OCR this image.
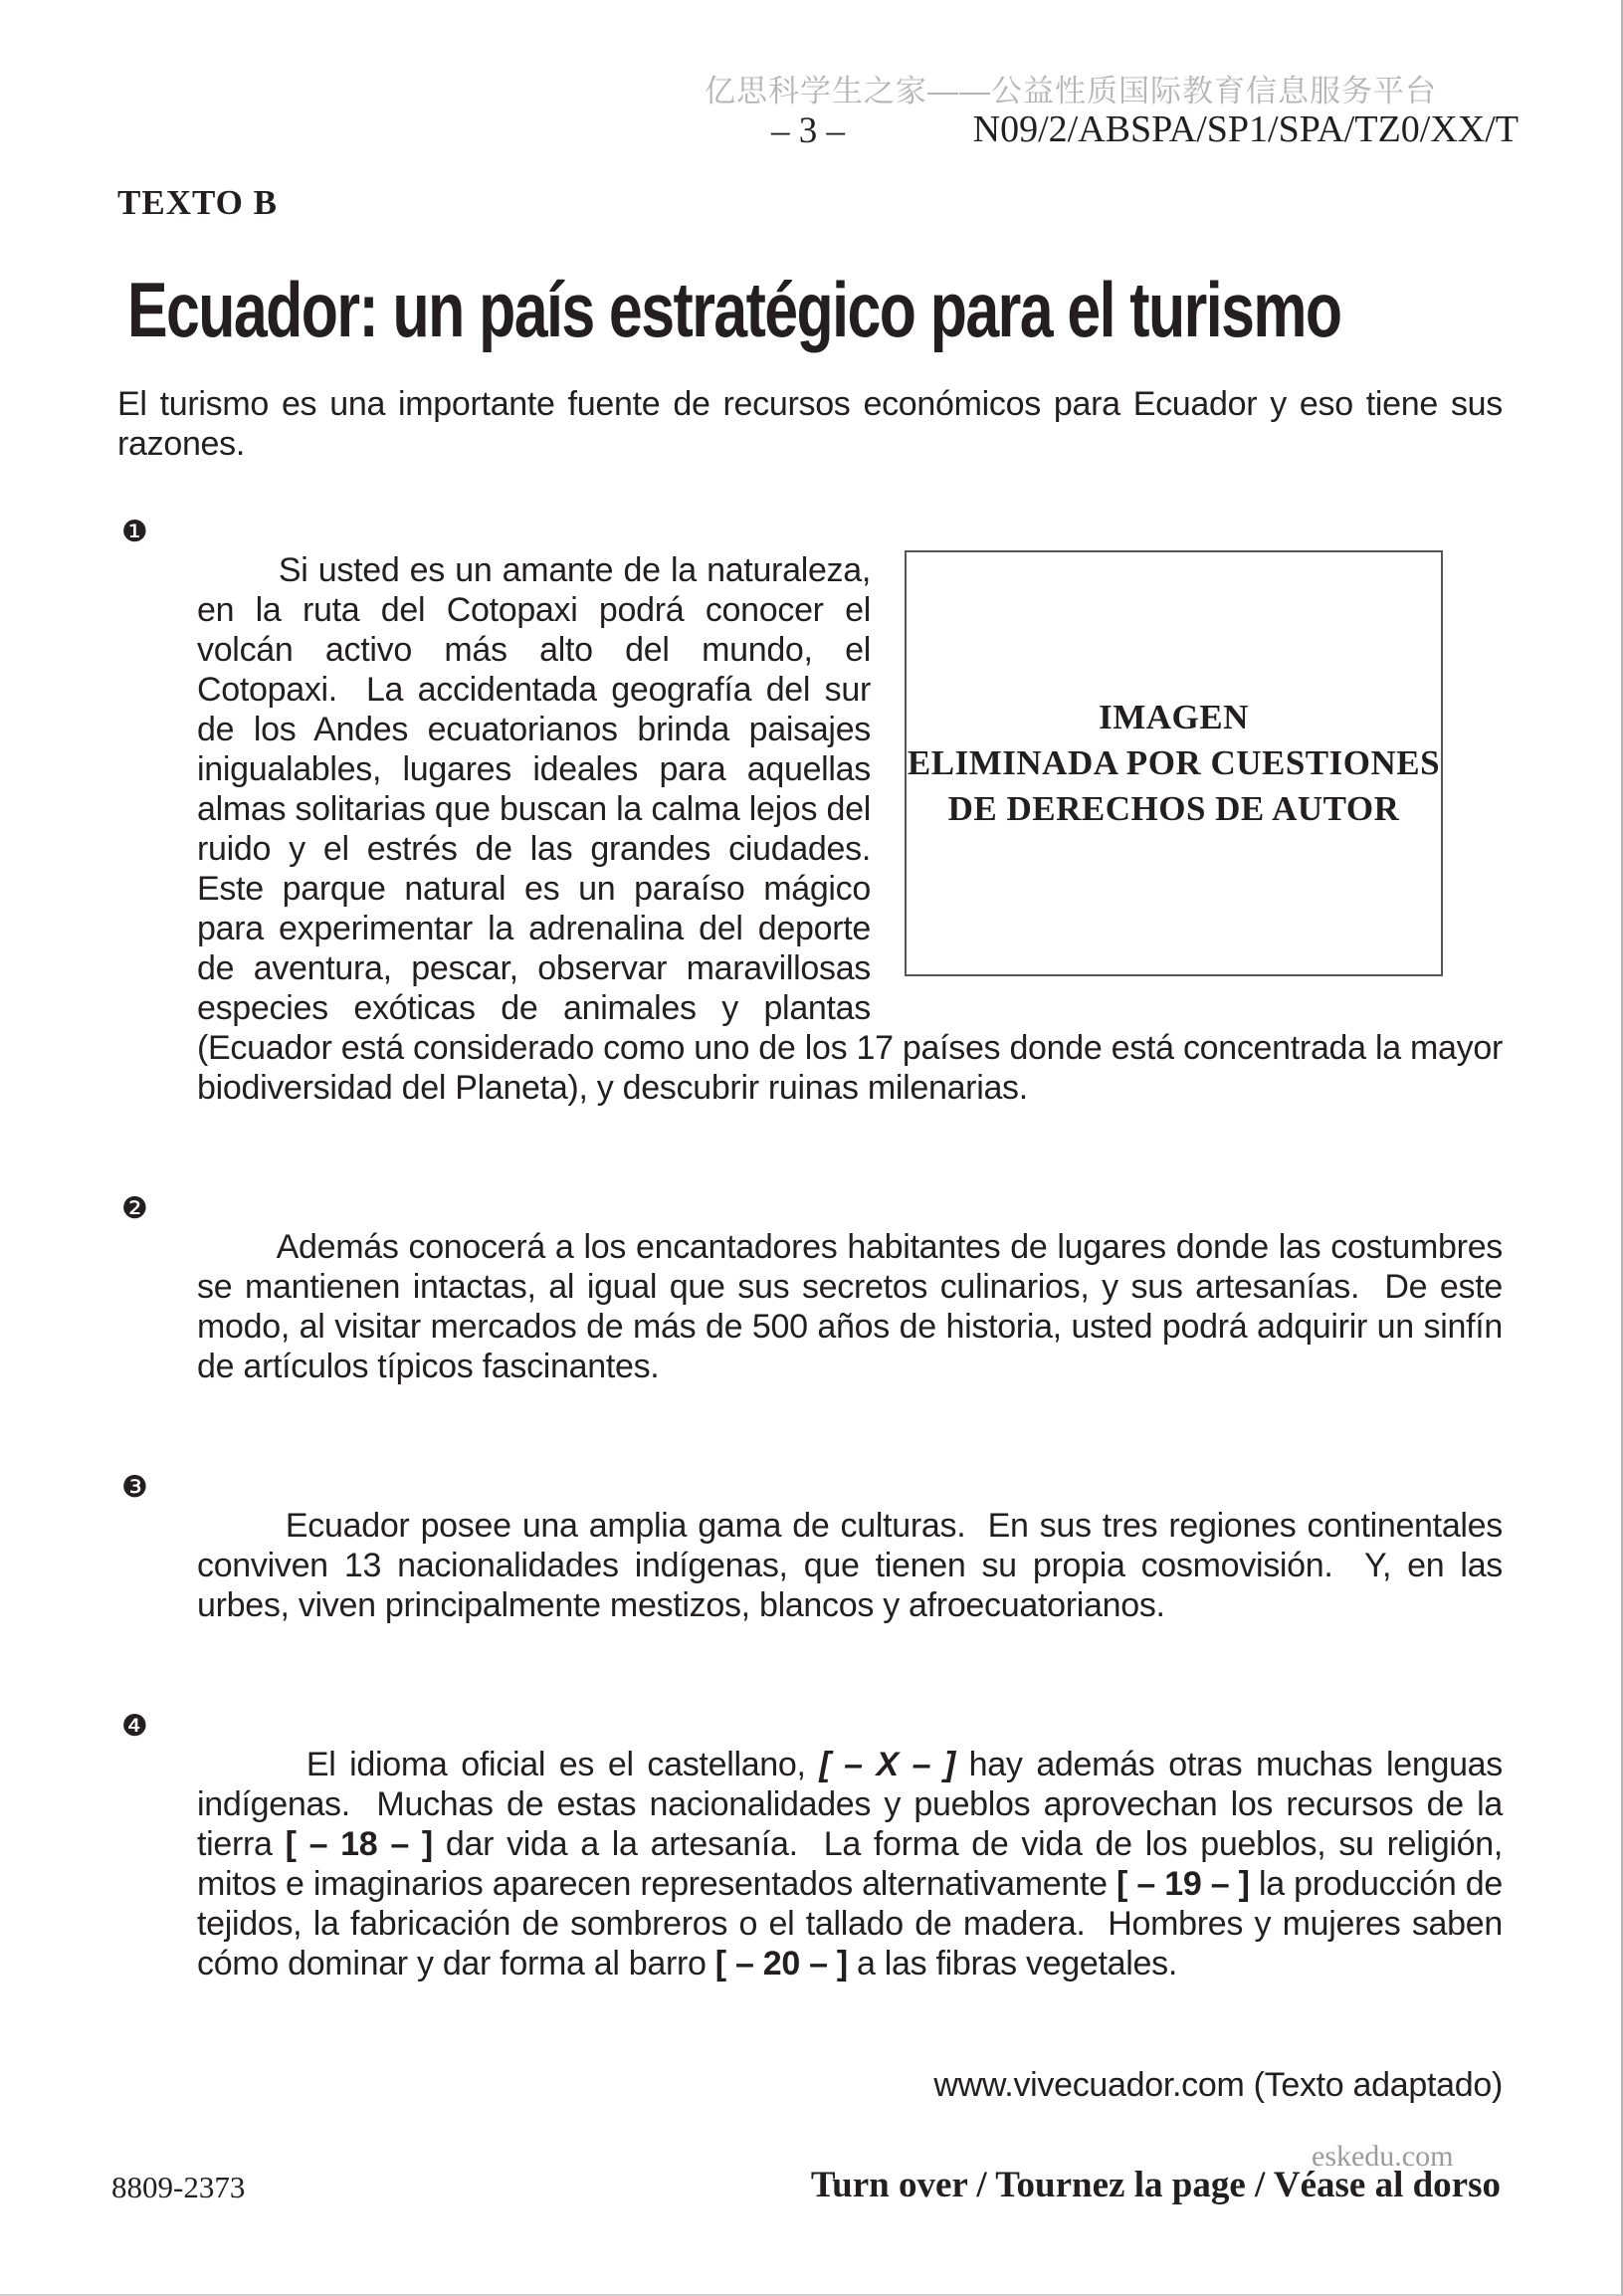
亿思科学生之家——公益性质国际教育信息服务平台
– 3 –	N09/2/ABSPA/SP1/SPA/TZ0/XX/T
TEXTO B
Ecuador: un país estratégico para el turismo
El turismo es una importante fuente de recursos económicos para Ecuador y eso tiene sus razones.
❶

IMAGEN
ELIMINADA POR CUESTIONES
DE DERECHOS DE AUTOR
Si usted es un amante de la naturaleza, en la ruta del Cotopaxi podrá conocer el volcán activo más alto del mundo, el Cotopaxi.  La accidentada geografía del sur de los Andes ecuatorianos brinda paisajes inigualables, lugares ideales para aquellas almas solitarias que buscan la calma lejos del ruido y el estrés de las grandes ciudades.  Este parque natural es un paraíso mágico para experimentar la adrenalina del deporte de aventura, pescar, observar maravillosas especies exóticas de animales y plantas (Ecuador está considerado como uno de los 17 países donde está concentrada la mayor biodiversidad del Planeta), y descubrir ruinas milenarias.

❷

Además conocerá a los encantadores habitantes de lugares donde las costumbres se mantienen intactas, al igual que sus secretos culinarios, y sus artesanías.  De este modo, al visitar mercados de más de 500 años de historia, usted podrá adquirir un sinfín de artículos típicos fascinantes.

❸

Ecuador posee una amplia gama de culturas.  En sus tres regiones continentales conviven 13 nacionalidades indígenas, que tienen su propia cosmovisión.  Y, en las urbes, viven principalmente mestizos, blancos y afroecuatorianos.

❹

El idioma oficial es el castellano, [ – X – ] hay además otras muchas lenguas indígenas.  Muchas de estas nacionalidades y pueblos aprovechan los recursos de la tierra [ – 18 – ] dar vida a la artesanía.  La forma de vida de los pueblos, su religión, mitos e imaginarios aparecen representados alternativamente [ – 19 – ] la producción de tejidos, la fabricación de sombreros o el tallado de madera.  Hombres y mujeres saben cómo dominar y dar forma al barro [ – 20 – ] a las fibras vegetales.

www.vivecuador.com (Texto adaptado)
8809-2373
eskedu.com
Turn over / Tournez la page / Véase al dorso
